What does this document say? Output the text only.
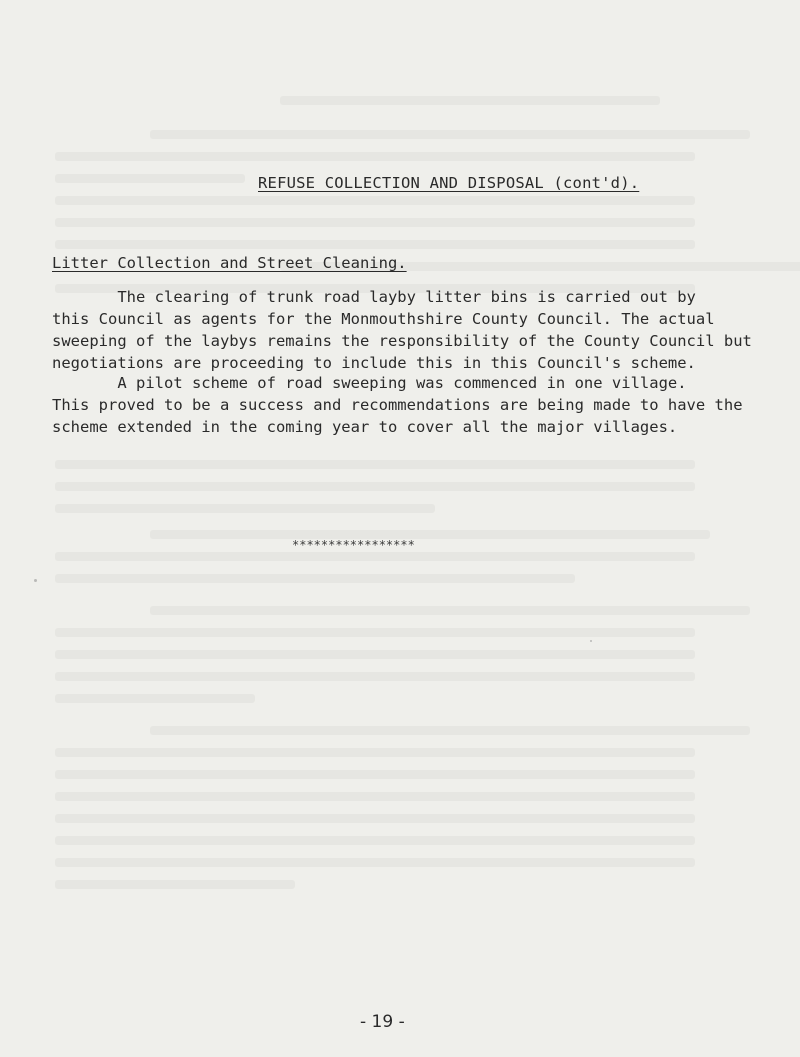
REFUSE COLLECTION AND DISPOSAL (cont'd).
Litter Collection and Street Cleaning.

The clearing of trunk road layby litter bins is carried out by
this Council as agents for the Monmouthshire County Council. The actual
sweeping of the laybys remains the responsibility of the County Council but
negotiations are proceeding to include this in this Council's scheme.

A pilot scheme of road sweeping was commenced in one village.
This proved to be a success and recommendations are being made to have the
scheme extended in the coming year to cover all the major villages.

*****************
- 19 -
